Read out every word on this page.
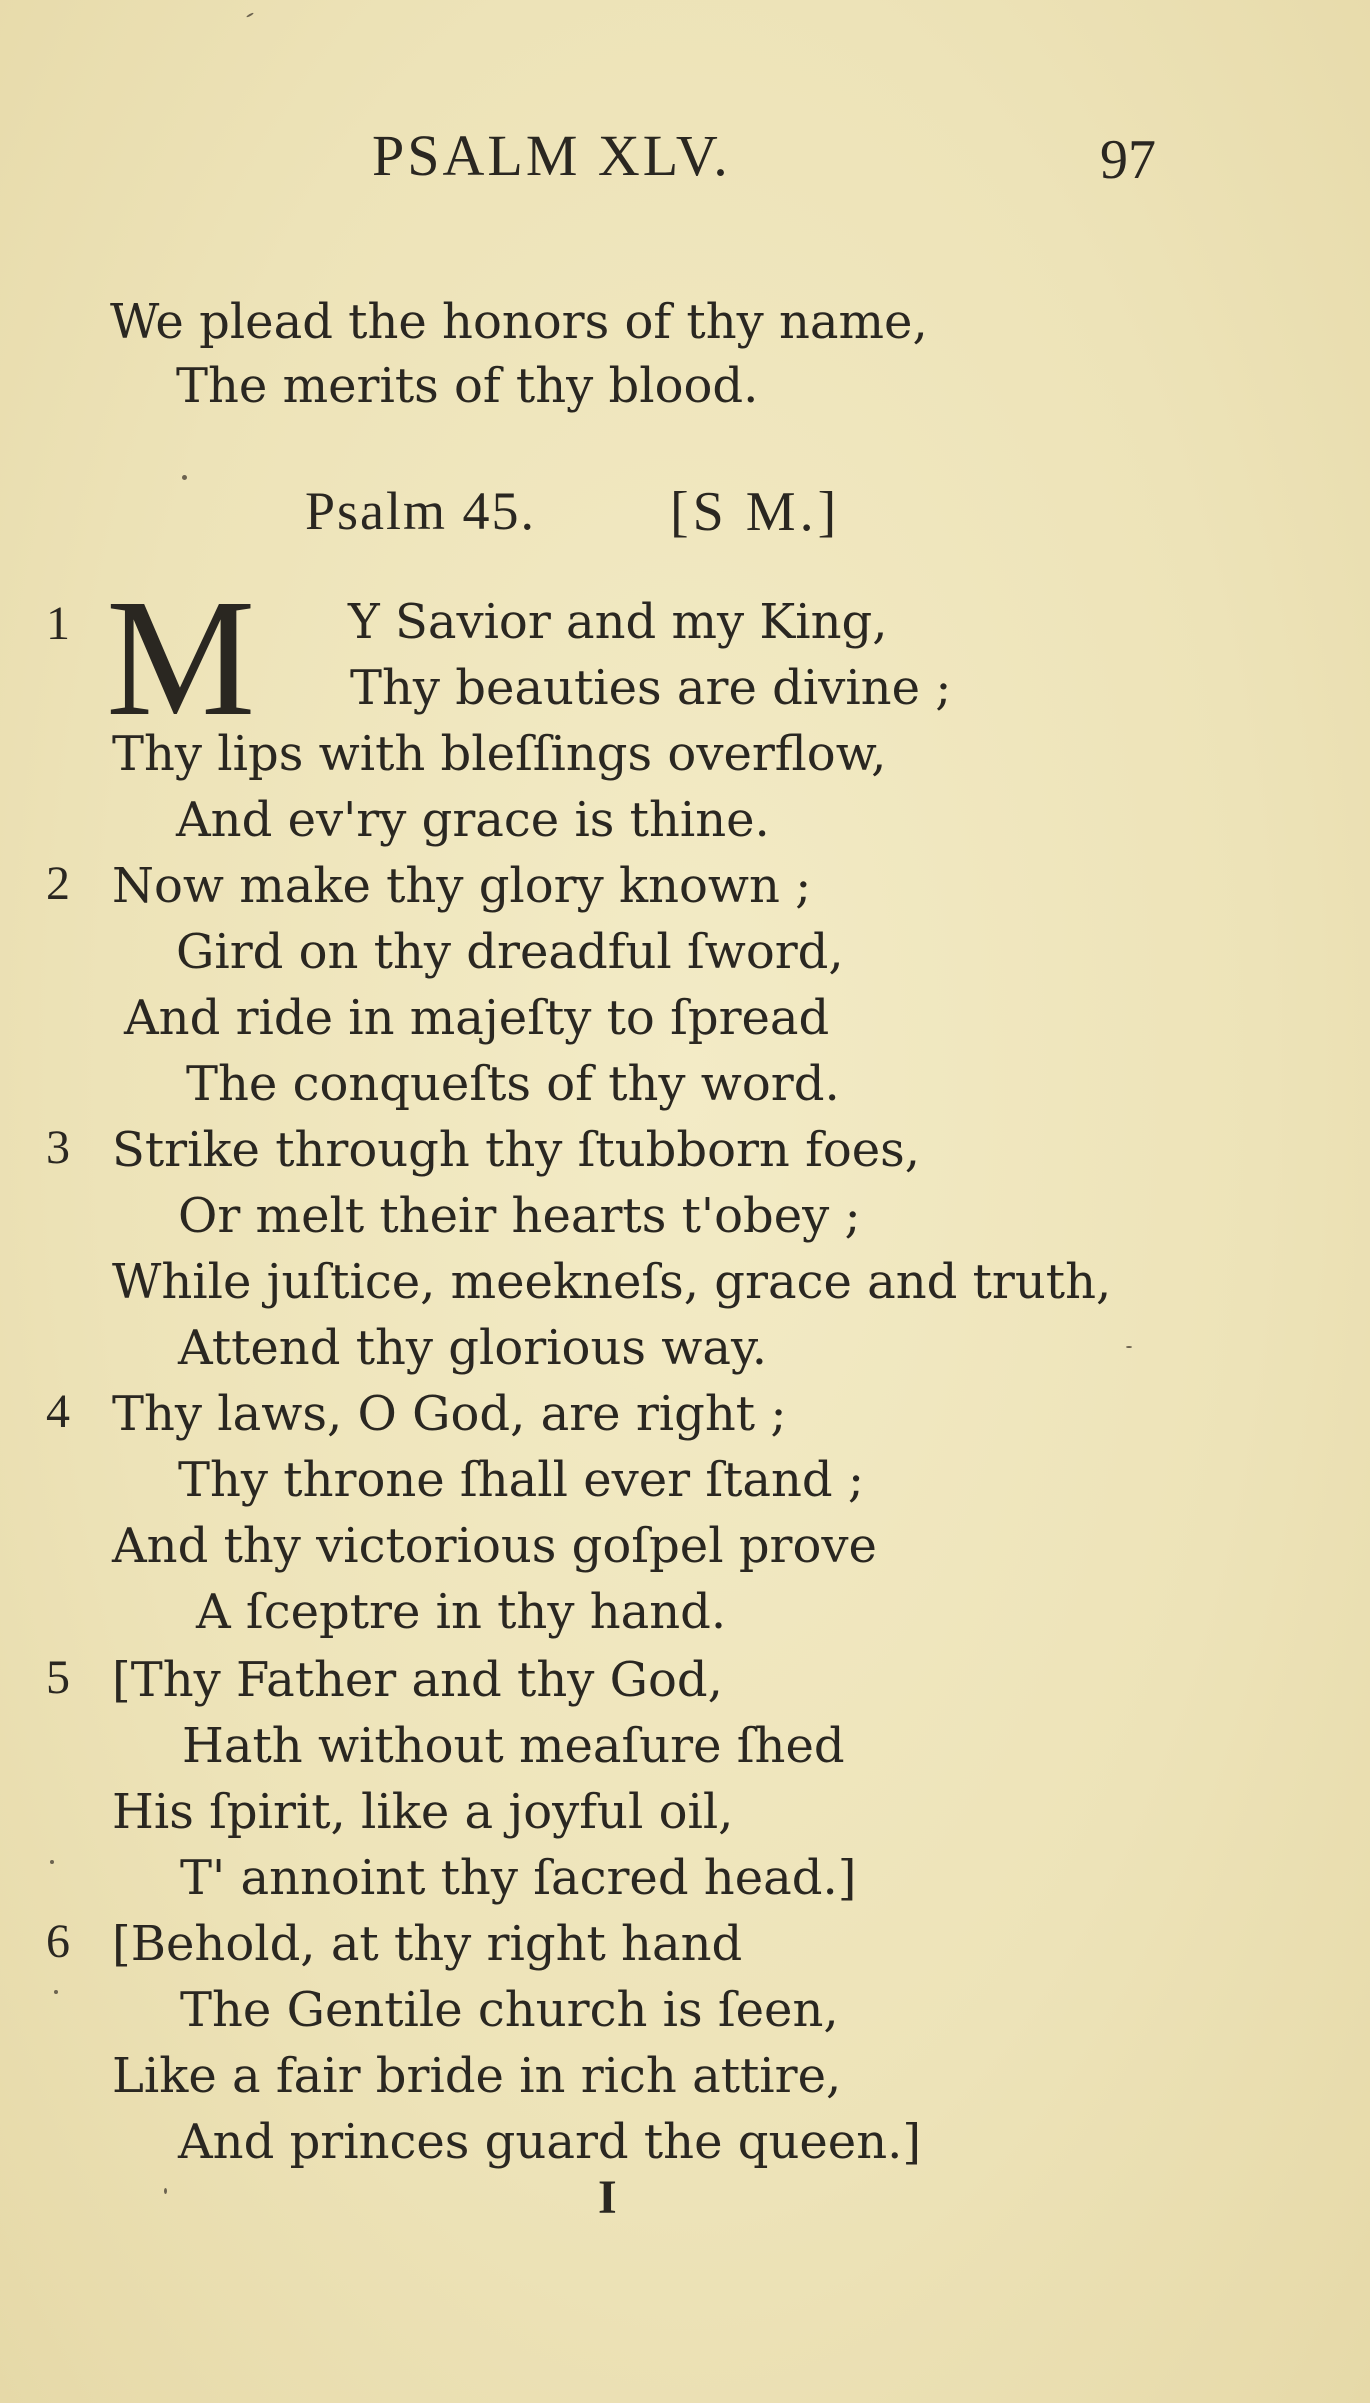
PSALM XLV.	97
We plead the honors of thy name,
The merits of thy blood.
Psalm 45. [S M.]
1 M Y Savior and my King,
Thy beauties are divine ;
Thy lips with bleſſings overflow,
And ev'ry grace is thine.
2 Now make thy glory known ;
Gird on thy dreadful ſword,
And ride in majeſty to ſpread
The conqueſts of thy word.
3 Strike through thy ſtubborn foes,
Or melt their hearts t'obey ;
While juſtice, meekneſs, grace and truth,
Attend thy glorious way.
4 Thy laws, O God, are right ;
Thy throne ſhall ever ſtand ;
And thy victorious goſpel prove
A ſceptre in thy hand.
5 [Thy Father and thy God,
Hath without meaſure ſhed
His ſpirit, like a joyful oil,
T' annoint thy ſacred head.]
6 [Behold, at thy right hand
The Gentile church is ſeen,
Like a fair bride in rich attire,
And princes guard the queen.]
I
